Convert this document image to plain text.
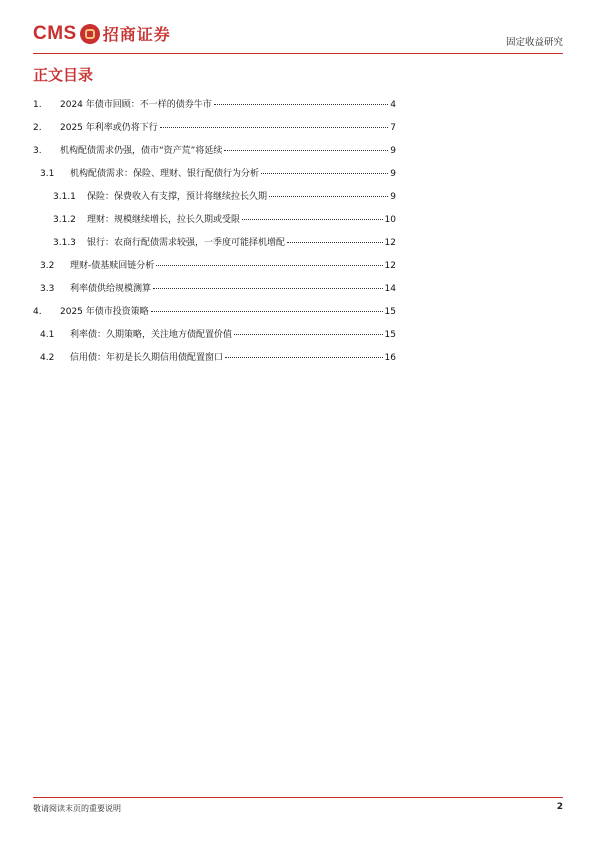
CMS 招商证券	固定收益研究
正文目录
1.	2024 年债市回顾：不一样的债券牛市	4
2.	2025 年利率或仍将下行	7
3.	机构配债需求仍强，债市“资产荒”将延续	9
3.1	机构配债需求：保险、理财、银行配债行为分析	9
3.1.1	保险：保费收入有支撑，预计将继续拉长久期	9
3.1.2	理财：规模继续增长，拉长久期或受限	10
3.1.3	银行：农商行配债需求较强，一季度可能择机增配	12
3.2	理财-债基赎回链分析	12
3.3	利率债供给规模测算	14
4.	2025 年债市投资策略	15
4.1	利率债：久期策略，关注地方债配置价值	15
4.2	信用债：年初是长久期信用债配置窗口	16
敬请阅读末页的重要说明	2
